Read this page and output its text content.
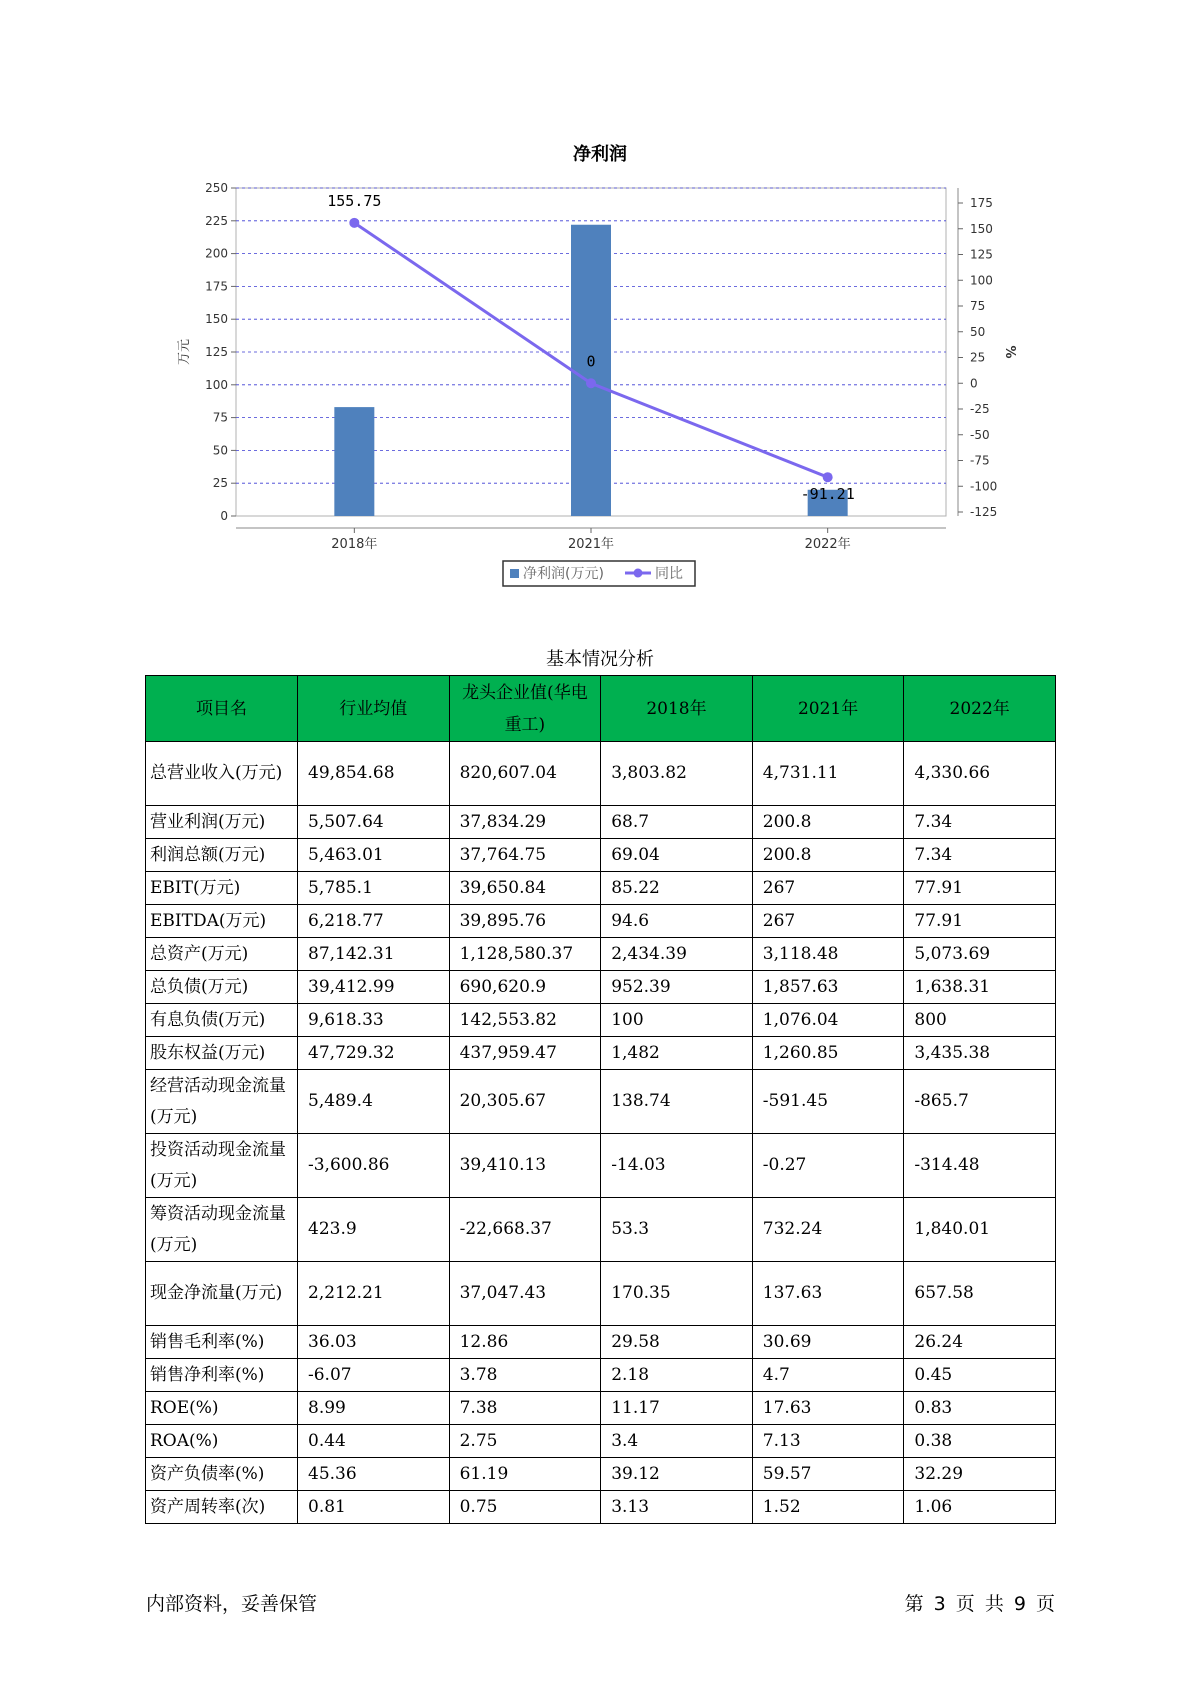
净利润
0
25
50
75
100
125
150
175
200
225
250
-125
-100
-75
-50
-25
0
25
50
75
100
125
150
175
万元	%
2018年	2021年	2022年
155.75
0
-91.21
净利润(万元)	同比
基本情况分析
项目名	行业均值	龙头企业值(华电重工)	2018年	2021年	2022年
总营业收入(万元)	49,854.68	820,607.04	3,803.82	4,731.11	4,330.66
营业利润(万元)	5,507.64	37,834.29	68.7	200.8	7.34
利润总额(万元)	5,463.01	37,764.75	69.04	200.8	7.34
EBIT(万元)	5,785.1	39,650.84	85.22	267	77.91
EBITDA(万元)	6,218.77	39,895.76	94.6	267	77.91
总资产(万元)	87,142.31	1,128,580.37	2,434.39	3,118.48	5,073.69
总负债(万元)	39,412.99	690,620.9	952.39	1,857.63	1,638.31
有息负债(万元)	9,618.33	142,553.82	100	1,076.04	800
股东权益(万元)	47,729.32	437,959.47	1,482	1,260.85	3,435.38
经营活动现金流量(万元)	5,489.4	20,305.67	138.74	-591.45	-865.7
投资活动现金流量(万元)	-3,600.86	39,410.13	-14.03	-0.27	-314.48
筹资活动现金流量(万元)	423.9	-22,668.37	53.3	732.24	1,840.01
现金净流量(万元)	2,212.21	37,047.43	170.35	137.63	657.58
销售毛利率(%)	36.03	12.86	29.58	30.69	26.24
销售净利率(%)	-6.07	3.78	2.18	4.7	0.45
ROE(%)	8.99	7.38	11.17	17.63	0.83
ROA(%)	0.44	2.75	3.4	7.13	0.38
资产负债率(%)	45.36	61.19	39.12	59.57	32.29
资产周转率(次)	0.81	0.75	3.13	1.52	1.06
内部资料，妥善保管	第 3 页 共 9 页
